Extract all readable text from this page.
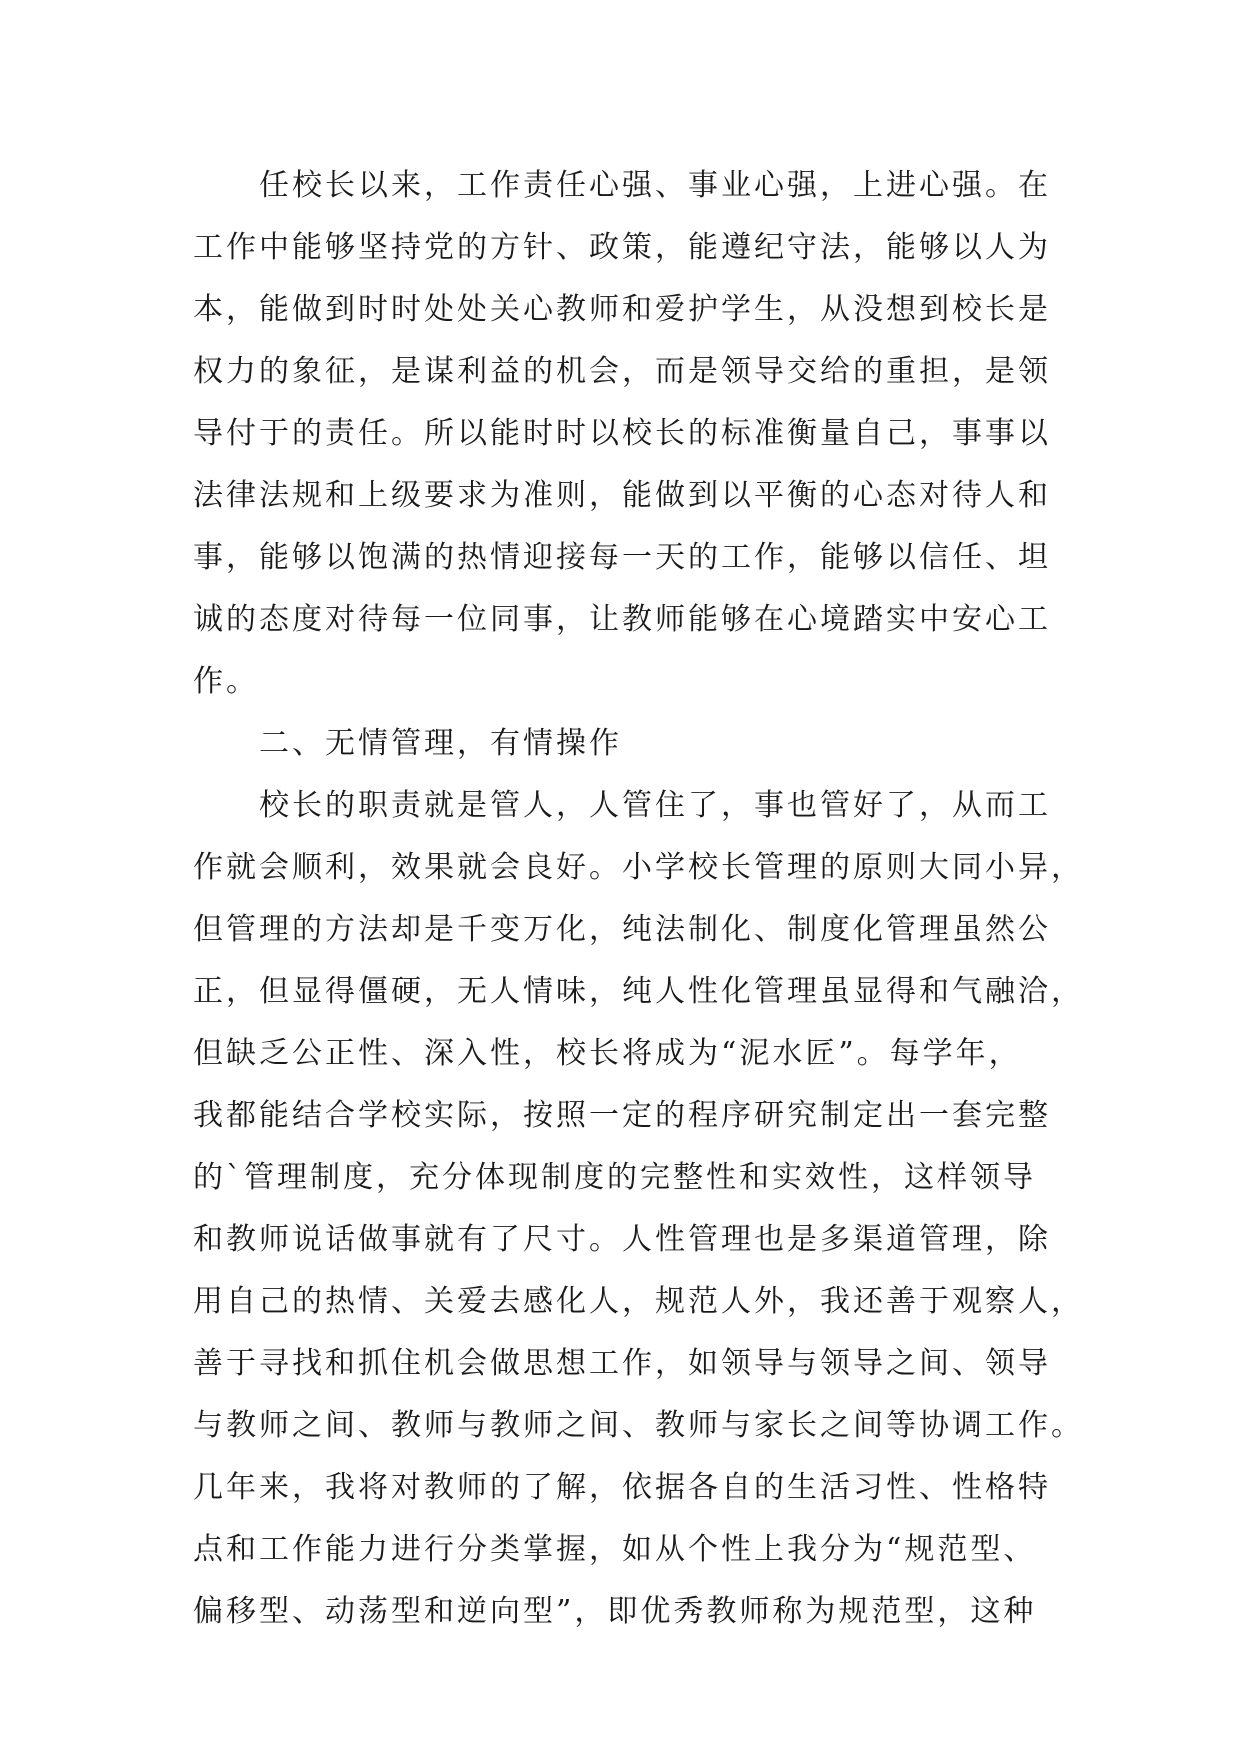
　　任校长以来，工作责任心强、事业心强，上进心强。在
工作中能够坚持党的方针、政策，能遵纪守法，能够以人为
本，能做到时时处处关心教师和爱护学生，从没想到校长是
权力的象征，是谋利益的机会，而是领导交给的重担，是领
导付于的责任。所以能时时以校长的标准衡量自己，事事以
法律法规和上级要求为准则，能做到以平衡的心态对待人和
事，能够以饱满的热情迎接每一天的工作，能够以信任、坦
诚的态度对待每一位同事，让教师能够在心境踏实中安心工
作。
　　二、无情管理，有情操作
　　校长的职责就是管人，人管住了，事也管好了，从而工
作就会顺利，效果就会良好。小学校长管理的原则大同小异，
但管理的方法却是千变万化，纯法制化、制度化管理虽然公
正，但显得僵硬，无人情味，纯人性化管理虽显得和气融洽，
但缺乏公正性、深入性，校长将成为“泥水匠”。每学年，
我都能结合学校实际，按照一定的程序研究制定出一套完整
的`管理制度，充分体现制度的完整性和实效性，这样领导
和教师说话做事就有了尺寸。人性管理也是多渠道管理，除
用自己的热情、关爱去感化人，规范人外，我还善于观察人，
善于寻找和抓住机会做思想工作，如领导与领导之间、领导
与教师之间、教师与教师之间、教师与家长之间等协调工作。
几年来，我将对教师的了解，依据各自的生活习性、性格特
点和工作能力进行分类掌握，如从个性上我分为“规范型、
偏移型、动荡型和逆向型”，即优秀教师称为规范型，这种
